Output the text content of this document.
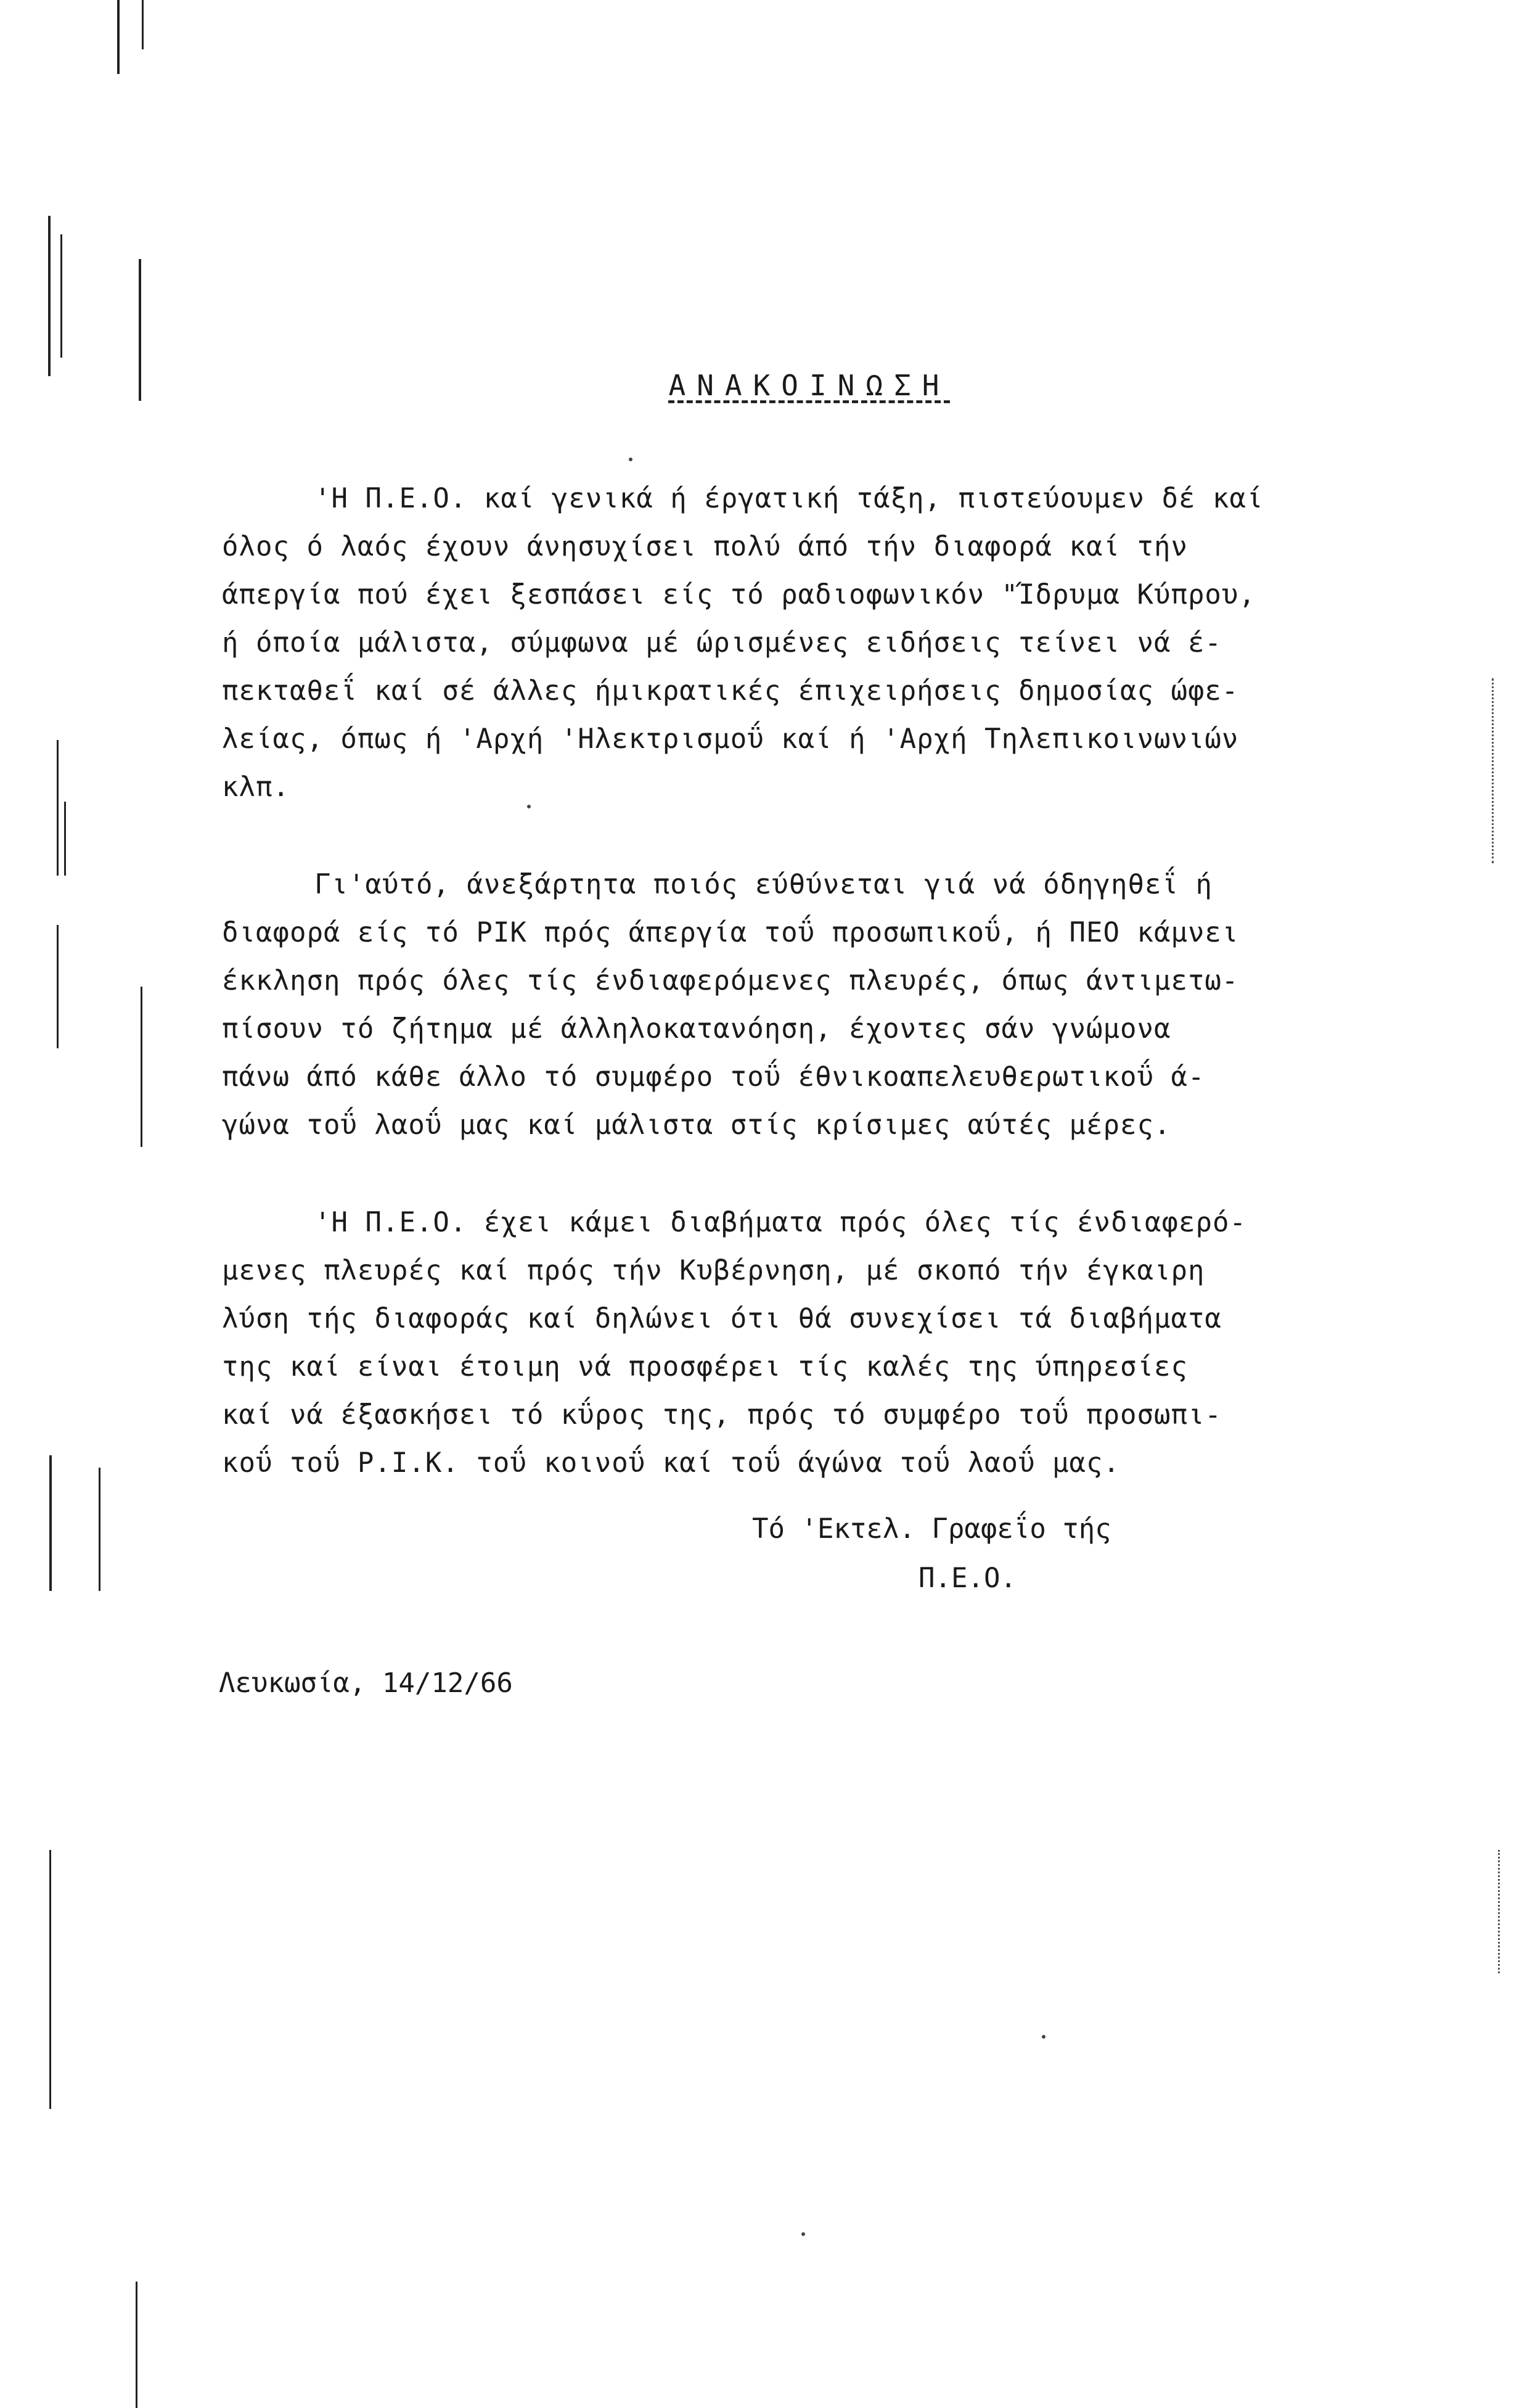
ΑΝΑΚΟΙΝΩΣΗ
'Η Π.Ε.Ο. καί γενικά ή έργατική τάξη, πιστεύουμεν δέ καί
όλος ό λαός έχουν άνησυχίσει πολύ άπό τήν διαφορά καί τήν
άπεργία πού έχει ξεσπάσει είς τό ραδιοφωνικόν "Ίδρυμα Κύπρου,
ή όποία μάλιστα, σύμφωνα μέ ώρισμένες ειδήσεις τείνει νά έ-
πεκταθεΐ καί σέ άλλες ήμικρατικές έπιχειρήσεις δημοσίας ώφε-
λείας, όπως ή 'Αρχή 'Ηλεκτρισμοΰ καί ή 'Αρχή Τηλεπικοινωνιών
κλπ.
Γι'αύτό, άνεξάρτητα ποιός εύθύνεται γιά νά όδηγηθεΐ ή
διαφορά είς τό ΡΙΚ πρός άπεργία τοΰ προσωπικοΰ, ή ΠΕΟ κάμνει
έκκληση πρός όλες τίς ένδιαφερόμενες πλευρές, όπως άντιμετω-
πίσουν τό ζήτημα μέ άλληλοκατανόηση, έχοντες σάν γνώμονα
πάνω άπό κάθε άλλο τό συμφέρο τοΰ έθνικοαπελευθερωτικοΰ ά-
γώνα τοΰ λαοΰ μας καί μάλιστα στίς κρίσιμες αύτές μέρες.
'Η Π.Ε.Ο. έχει κάμει διαβήματα πρός όλες τίς ένδιαφερό-
μενες πλευρές καί πρός τήν Κυβέρνηση, μέ σκοπό τήν έγκαιρη
λύση τής διαφοράς καί δηλώνει ότι θά συνεχίσει τά διαβήματα
της καί είναι έτοιμη νά προσφέρει τίς καλές της ύπηρεσίες
καί νά έξασκήσει τό κΰρος της, πρός τό συμφέρο τοΰ προσωπι-
κοΰ τοΰ Ρ.Ι.Κ. τοΰ κοινοΰ καί τοΰ άγώνα τοΰ λαοΰ μας.
Τό 'Εκτελ. Γραφεΐο τής
Π.Ε.Ο.
Λευκωσία, 14/12/66
